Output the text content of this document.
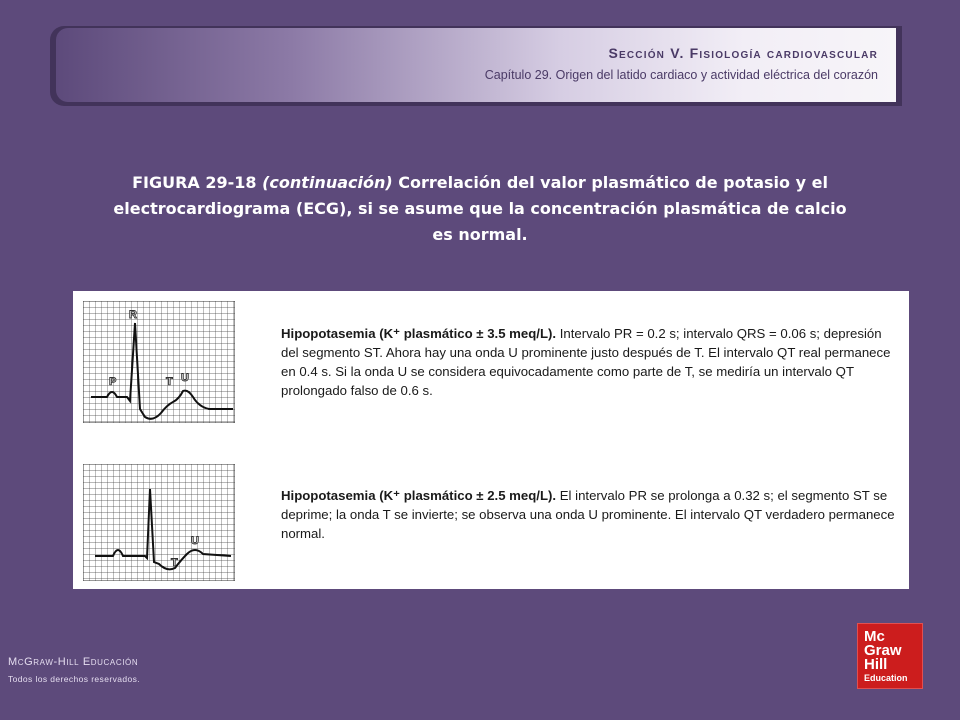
Sección V. Fisiología cardiovascular
Capítulo 29. Origen del latido cardiaco y actividad eléctrica del corazón
FIGURA 29-18 (continuación) Correlación del valor plasmático de potasio y el electrocardiograma (ECG), si se asume que la concentración plasmática de calcio es normal.
R
P	T U
Hipopotasemia (K⁺ plasmático ± 3.5 meq/L). Intervalo PR = 0.2 s; intervalo QRS = 0.06 s; depresión del segmento ST. Ahora hay una onda U prominente justo después de T. El intervalo QT real permanece en 0.4 s. Si la onda U se considera equivocadamente como parte de T, se mediría un intervalo QT prolongado falso de 0.6 s.
U
T
Hipopotasemia (K⁺ plasmático ± 2.5 meq/L). El intervalo PR se prolonga a 0.32 s; el segmento ST se deprime; la onda T se invierte; se observa una onda U prominente. El intervalo QT verdadero permanece normal.
McGraw-Hill Educación
Todos los derechos reservados.
Mc
Graw
Hill
Education
